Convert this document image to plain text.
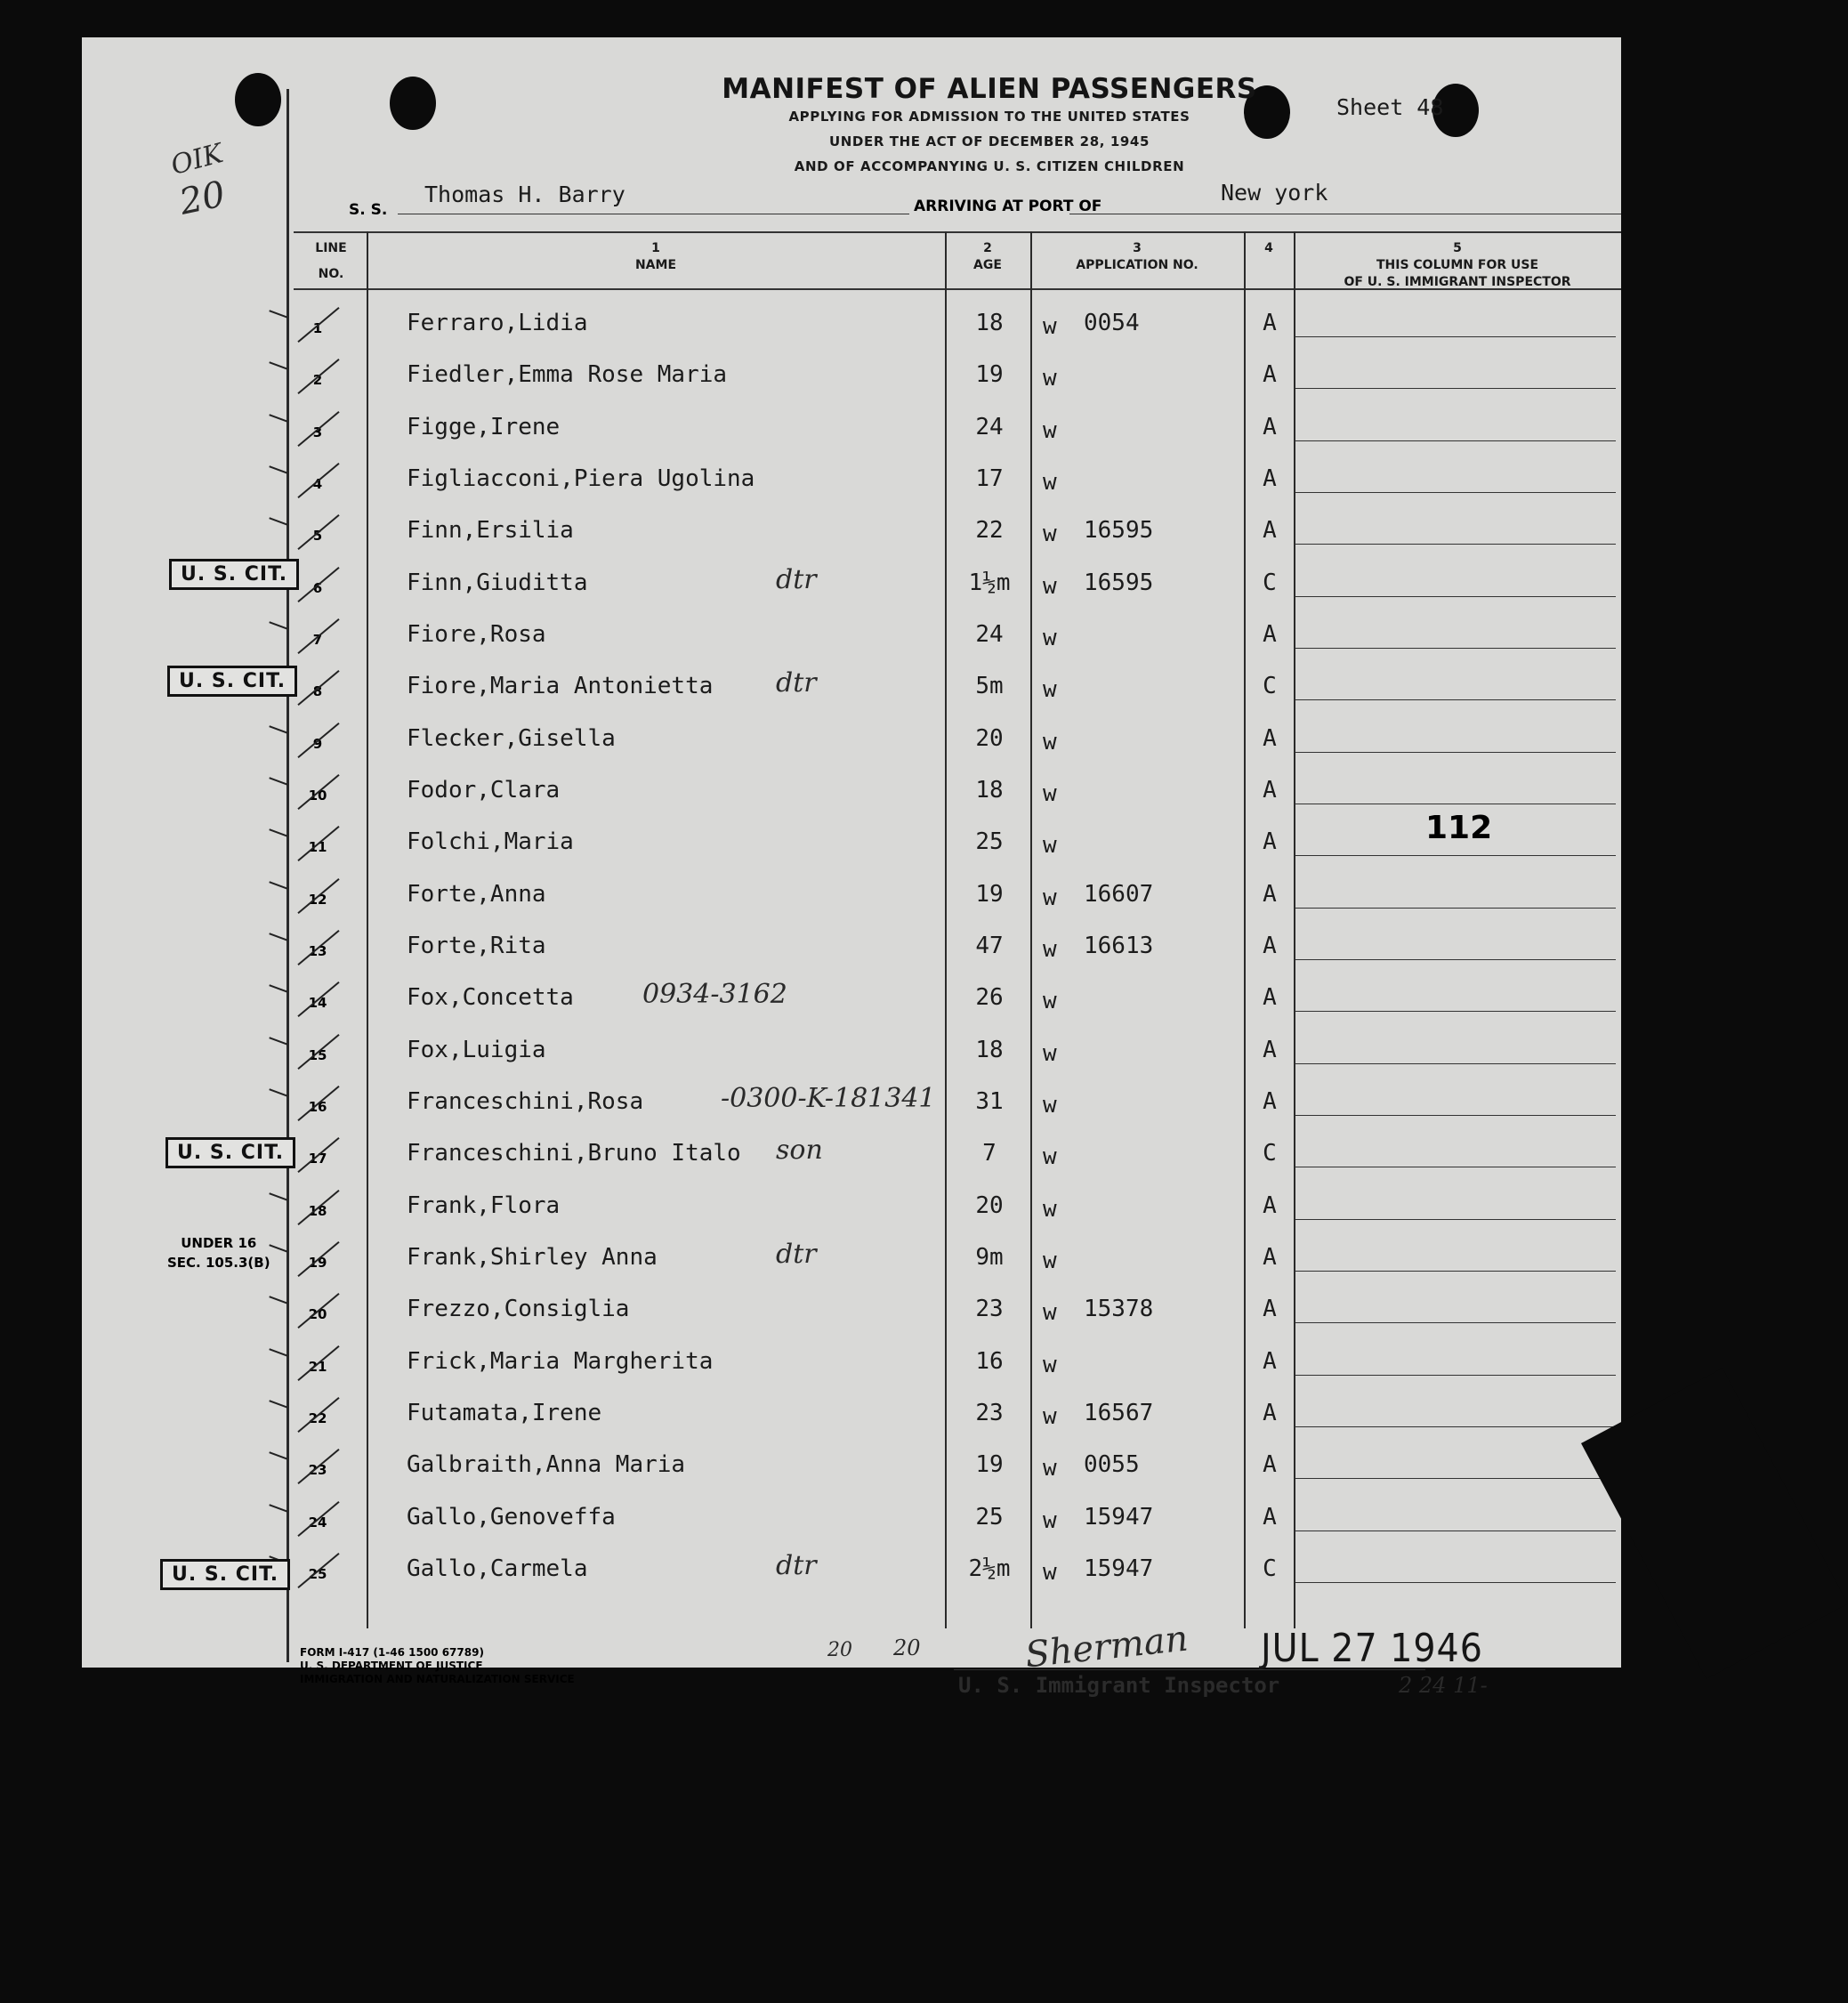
MANIFEST OF ALIEN PASSENGERS
APPLYING FOR ADMISSION TO THE UNITED STATES
UNDER THE ACT OF DECEMBER 28, 1945
AND OF ACCOMPANYING U. S. CITIZEN CHILDREN
Sheet 48
OIK
20	S. S.
Thomas H. Barry	ARRIVING AT PORT OF
New york
LINE
NO.
1
NAME
2
AGE
3
APPLICATION NO.
4	5
THIS COLUMN FOR USE
OF U. S. IMMIGRANT INSPECTOR
1	Ferraro,Lidia	18	w 0054	A
2	Fiedler,Emma Rose Maria	19	w	A
3	Figge,Irene	24	w	A
4	Figliacconi,Piera Ugolina	17	w	A
5	Finn,Ersilia	22	w 16595	A
6	Finn,Giuditta	1½m	w 16595	C
dtr
7	Fiore,Rosa	24	w	A
8	Fiore,Maria Antonietta	5m	w	C
dtr
9	Flecker,Gisella	20	w	A
10	Fodor,Clara	18	w	A
11	Folchi,Maria	25	w	A
12	Forte,Anna	19	w 16607	A
13	Forte,Rita	47	w 16613	A
14	Fox,Concetta	26	w	A
0934-3162
15	Fox,Luigia	18	w	A
16	Franceschini,Rosa	31	w	A
-0300-K-181341
17	Franceschini,Bruno Italo	7	w	C
son
18	Frank,Flora	20	w	A
19	Frank,Shirley Anna	9m	w	A
dtr
20	Frezzo,Consiglia	23	w 15378	A
21	Frick,Maria Margherita	16	w	A
22	Futamata,Irene	23	w 16567	A
23	Galbraith,Anna Maria	19	w 0055	A
24	Gallo,Genoveffa	25	w 15947	A
25	Gallo,Carmela	2½m	w 15947	C
dtr
U. S. CIT.
U. S. CIT.
U. S. CIT.
U. S. CIT.
UNDER 16
SEC. 105.3(B)
112
FORM I-417 (1-46 1500 67789)
U. S. DEPARTMENT OF JUSTICE
IMMIGRATION AND NATURALIZATION SERVICE
20 20	Sherman JUL 27 1946
U. S. Immigrant Inspector	2 24 11-
